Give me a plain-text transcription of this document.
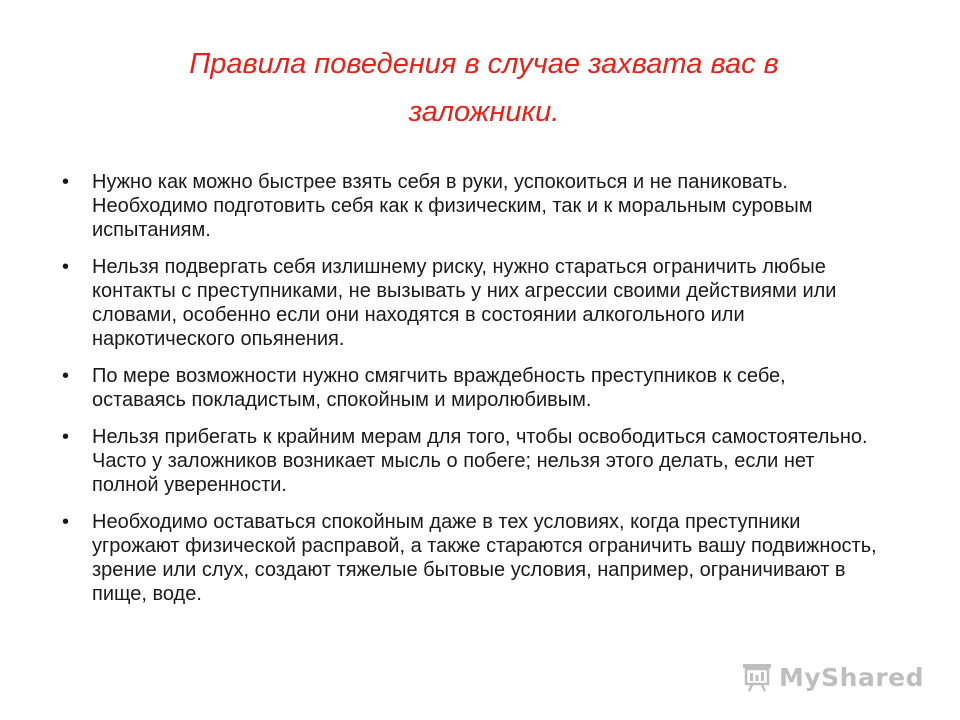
Правила поведения в случае захвата вас в
заложники.
• Нужно как можно быстрее взять себя в руки, успокоиться и не паниковать. Необходимо подготовить себя как к физическим, так и к моральным суровым испытаниям.
• Нельзя подвергать себя излишнему риску, нужно стараться ограничить любые контакты с преступниками, не вызывать у них агрессии своими действиями или словами, особенно если они находятся в состоянии алкогольного или наркотического опьянения.
• По мере возможности нужно смягчить враждебность преступников к себе, оставаясь покладистым, спокойным и миролюбивым.
• Нельзя прибегать к крайним мерам для того, чтобы освободиться самостоятельно. Часто у заложников возникает мысль о побеге; нельзя этого делать, если нет полной уверенности.
• Необходимо оставаться спокойным даже в тех условиях, когда преступники угрожают физической расправой, а также стараются ограничить вашу подвижность, зрение или слух, создают тяжелые бытовые условия, например, ограничивают в пище, воде.
MyShared
